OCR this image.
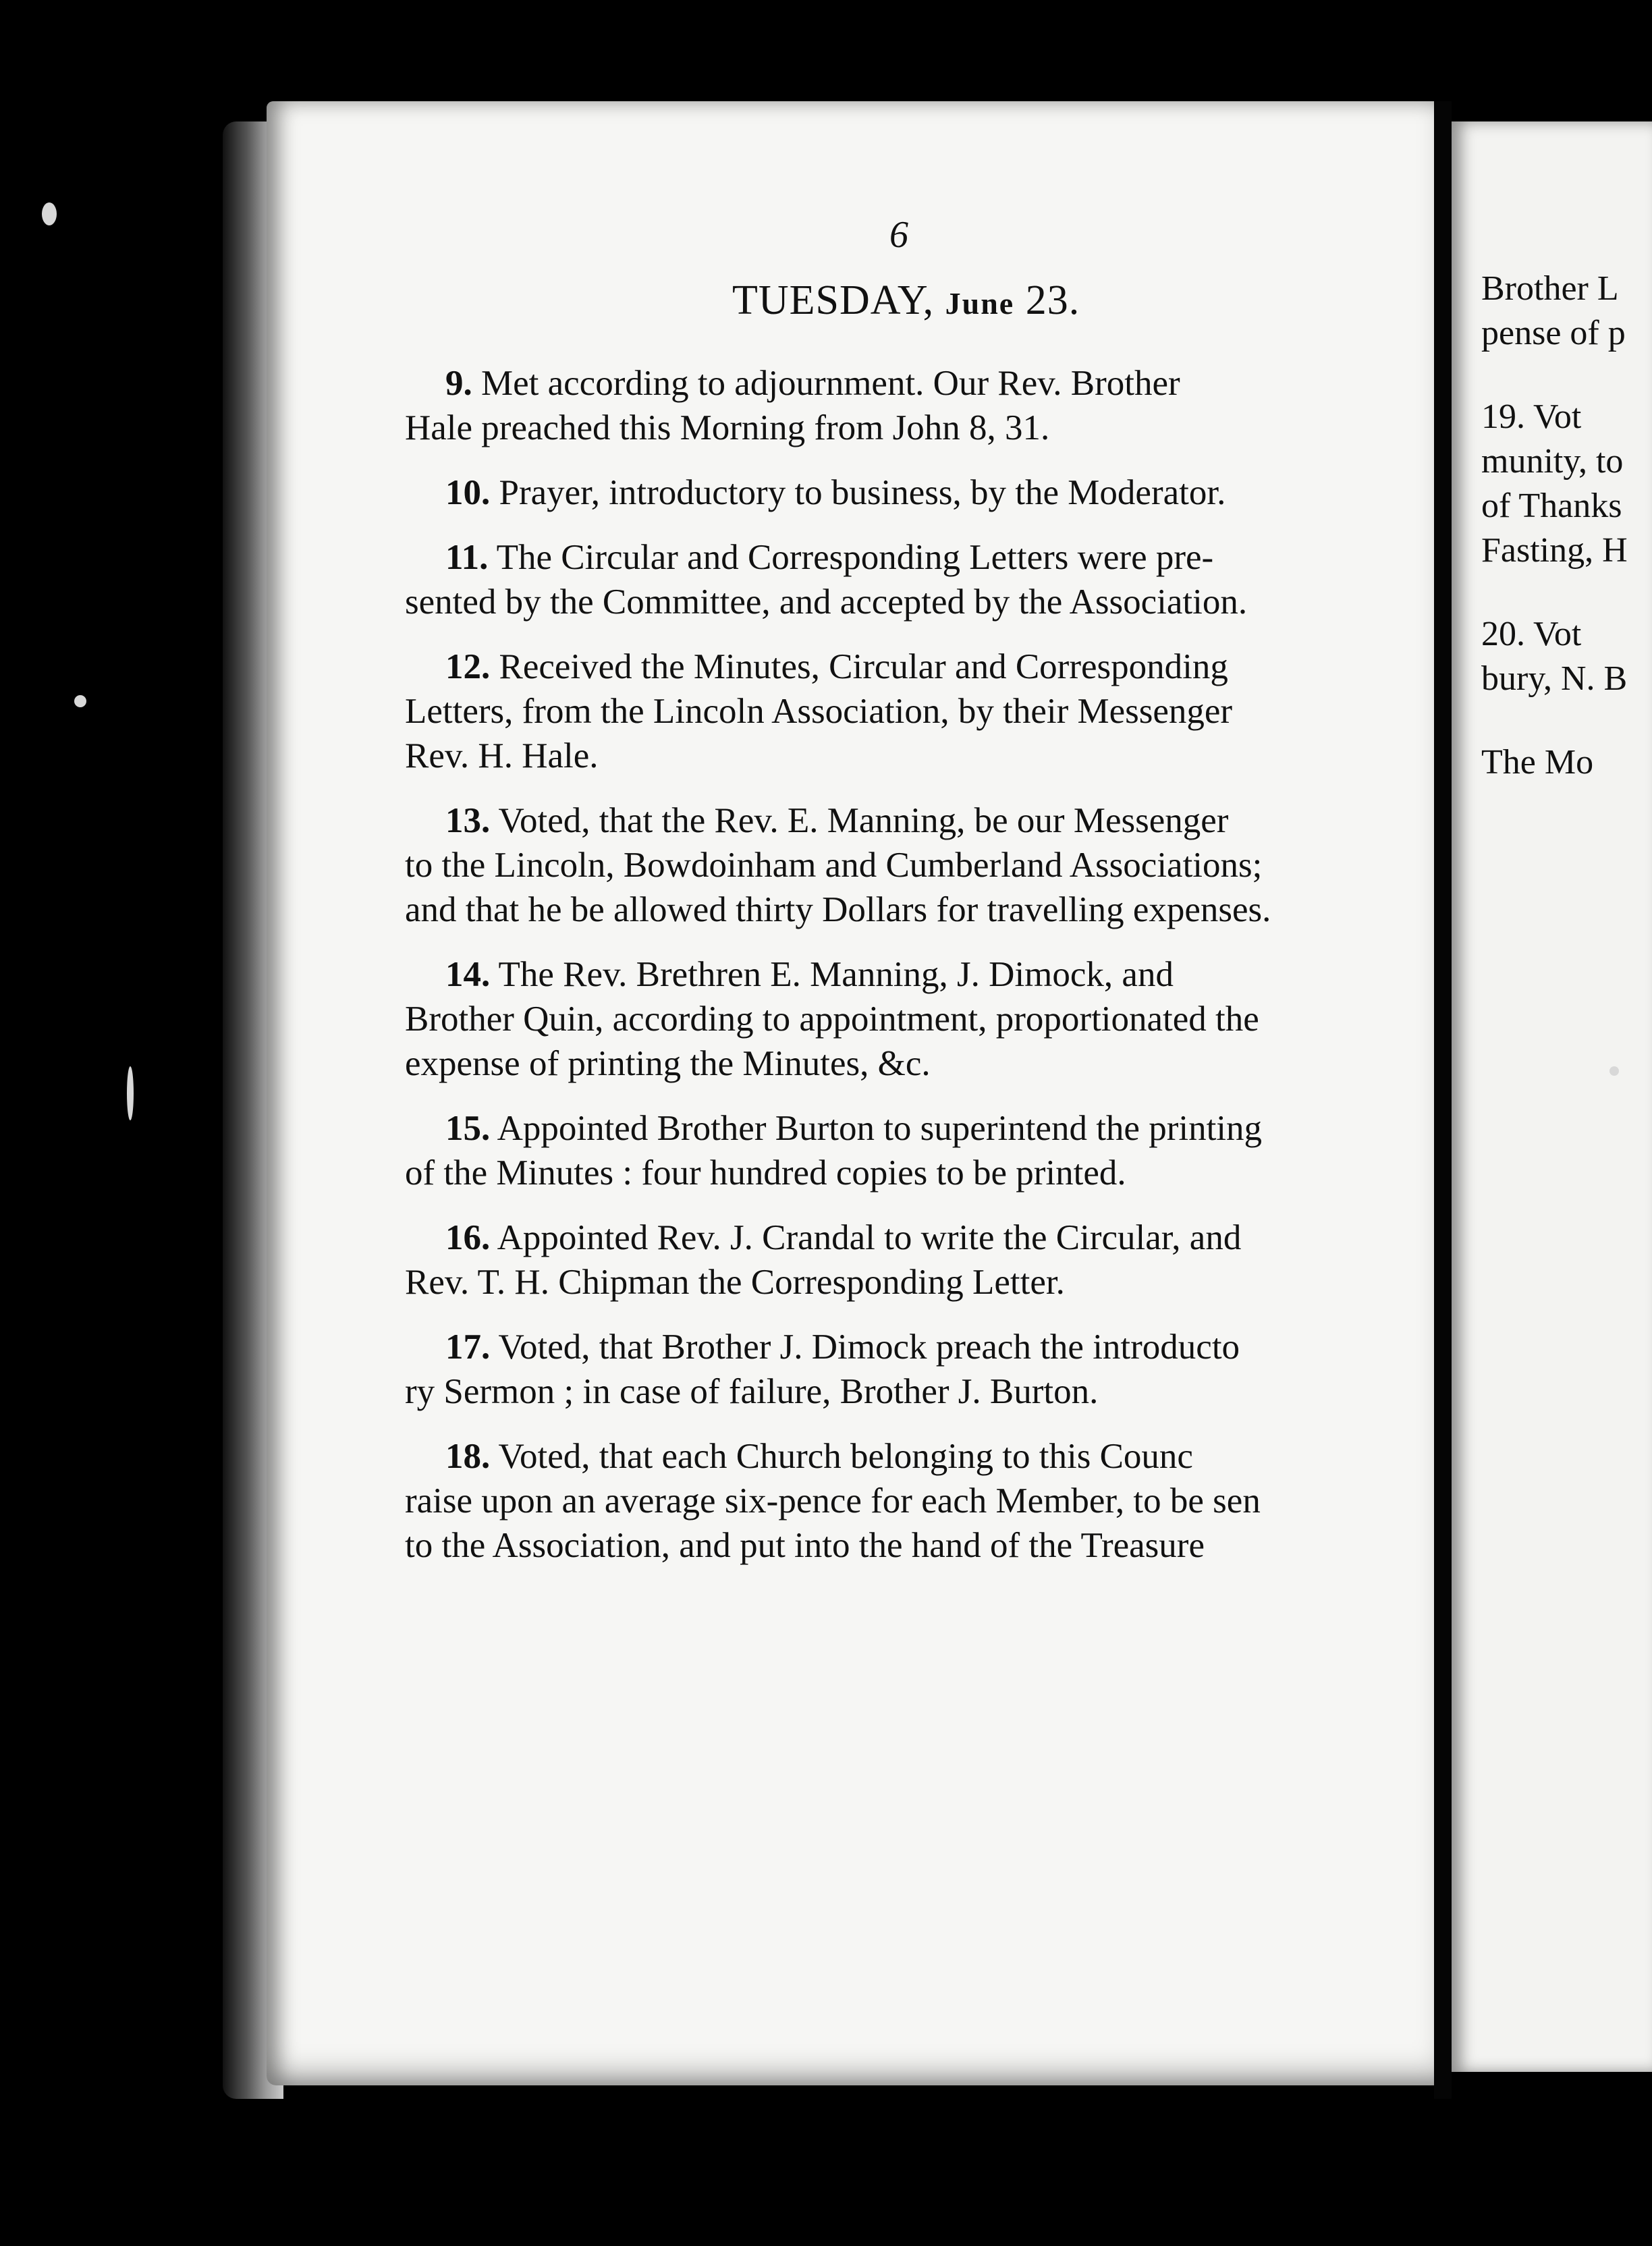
6
TUESDAY, June 23.
9. Met according to adjournment. Our Rev. Brother
Hale preached this Morning from John 8, 31.
10. Prayer, introductory to business, by the Moderator.
11. The Circular and Corresponding Letters were pre-
sented by the Committee, and accepted by the Association.
12. Received the Minutes, Circular and Corresponding
Letters, from the Lincoln Association, by their Messenger
Rev. H. Hale.
13. Voted, that the Rev. E. Manning, be our Messenger
to the Lincoln, Bowdoinham and Cumberland Associations;
and that he be allowed thirty Dollars for travelling expenses.
14. The Rev. Brethren E. Manning, J. Dimock, and
Brother Quin, according to appointment, proportionated the
expense of printing the Minutes, &c.
15. Appointed Brother Burton to superintend the printing
of the Minutes : four hundred copies to be printed.
16. Appointed Rev. J. Crandal to write the Circular, and
Rev. T. H. Chipman the Corresponding Letter.
17. Voted, that Brother J. Dimock preach the introducto
ry Sermon ; in case of failure, Brother J. Burton.
18. Voted, that each Church belonging to this Counc
raise upon an average six-pence for each Member, to be sen
to the Association, and put into the hand of the Treasure
Brother L
pense of p
19. Vot
munity, to
of Thanks
Fasting, H
20. Vot
bury, N. B
The Mo
